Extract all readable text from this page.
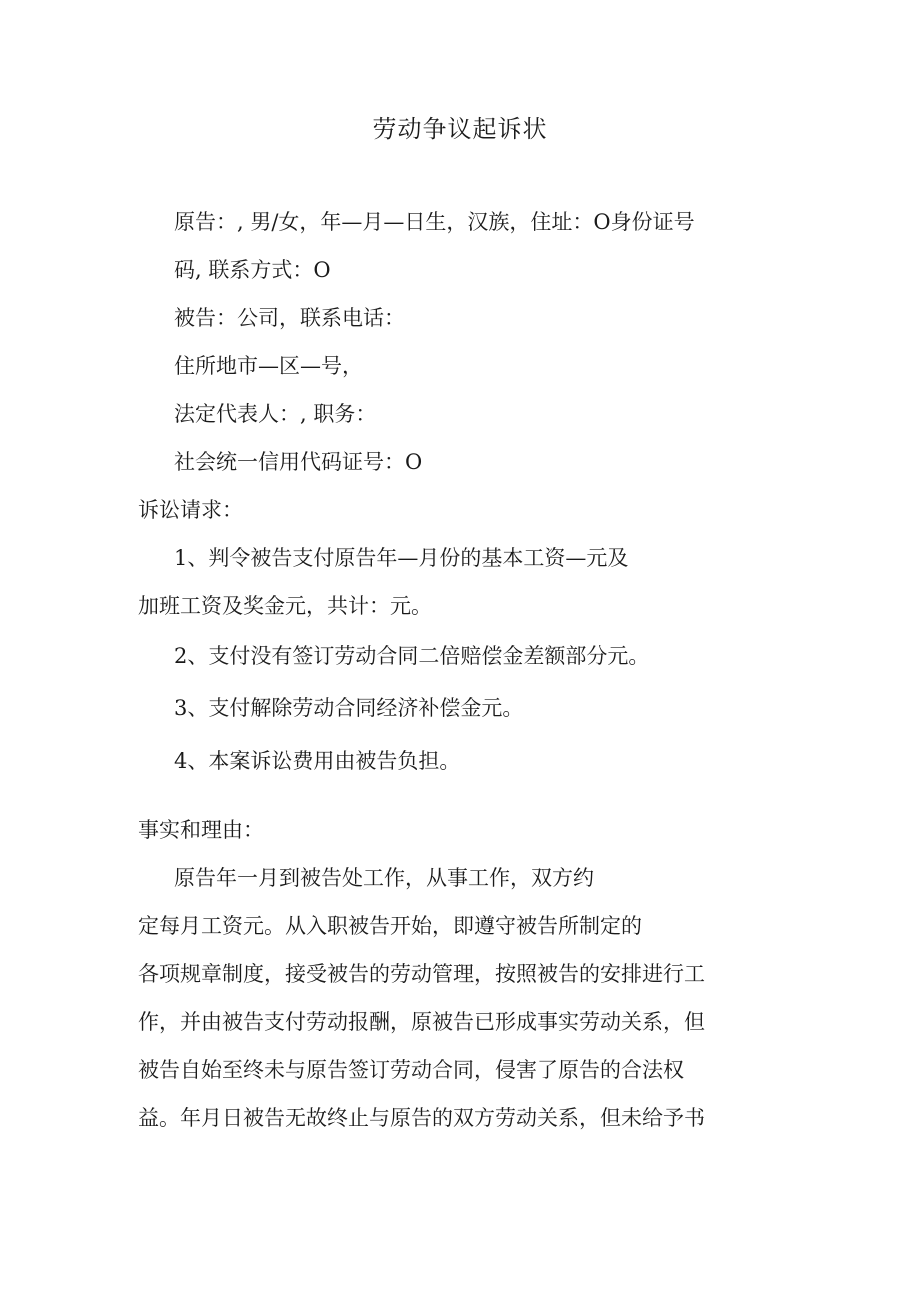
劳动争议起诉状
原告：, 男/女，年—月—日生，汉族，住址：O身份证号
码, 联系方式：O
被告：公司，联系电话：
住所地市—区—号，
法定代表人：, 职务：
社会统一信用代码证号：O
诉讼请求：
1、判令被告支付原告年—月份的基本工资—元及
加班工资及奖金元，共计：元。
2、支付没有签订劳动合同二倍赔偿金差额部分元。
3、支付解除劳动合同经济补偿金元。
4、本案诉讼费用由被告负担。
事实和理由：
原告年一月到被告处工作，从事工作，双方约
定每月工资元。从入职被告开始，即遵守被告所制定的
各项规章制度，接受被告的劳动管理，按照被告的安排进行工
作，并由被告支付劳动报酬，原被告已形成事实劳动关系，但
被告自始至终未与原告签订劳动合同，侵害了原告的合法权
益。年月日被告无故终止与原告的双方劳动关系，但未给予书
